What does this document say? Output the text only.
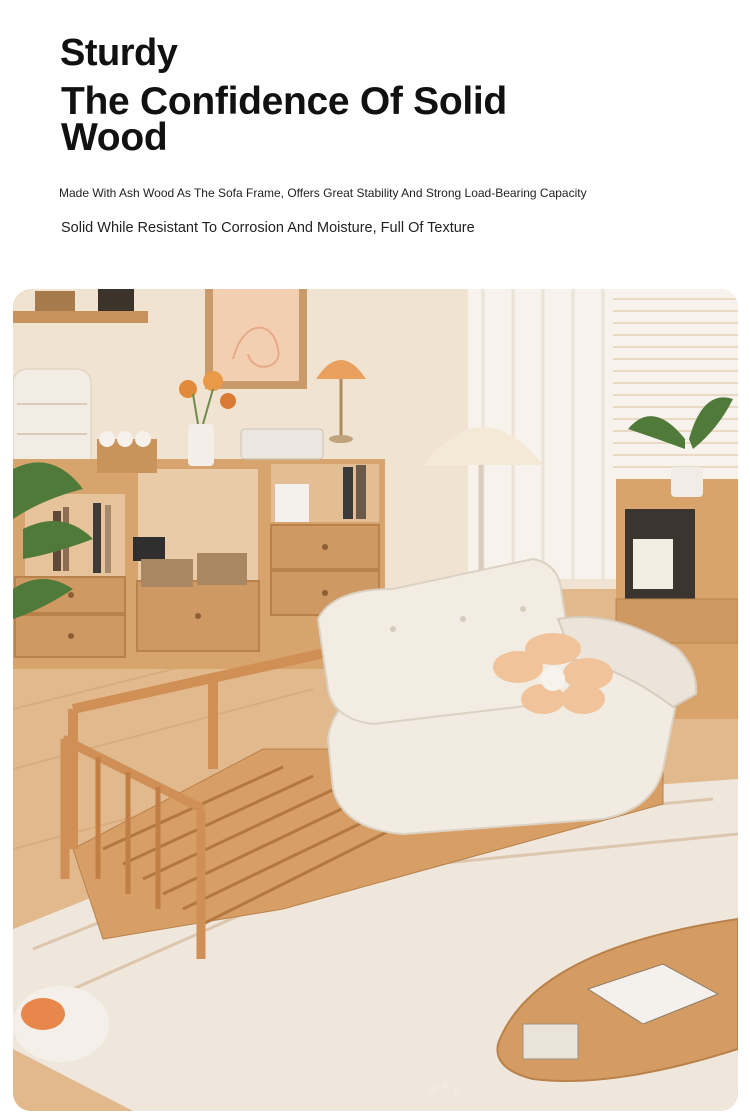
Sturdy
The Confidence Of Solid Wood
Made With Ash Wood As The Sofa Frame, Offers Great Stability And Strong Load-Bearing Capacity
Solid While Resistant To Corrosion And Moisture, Full Of Texture
